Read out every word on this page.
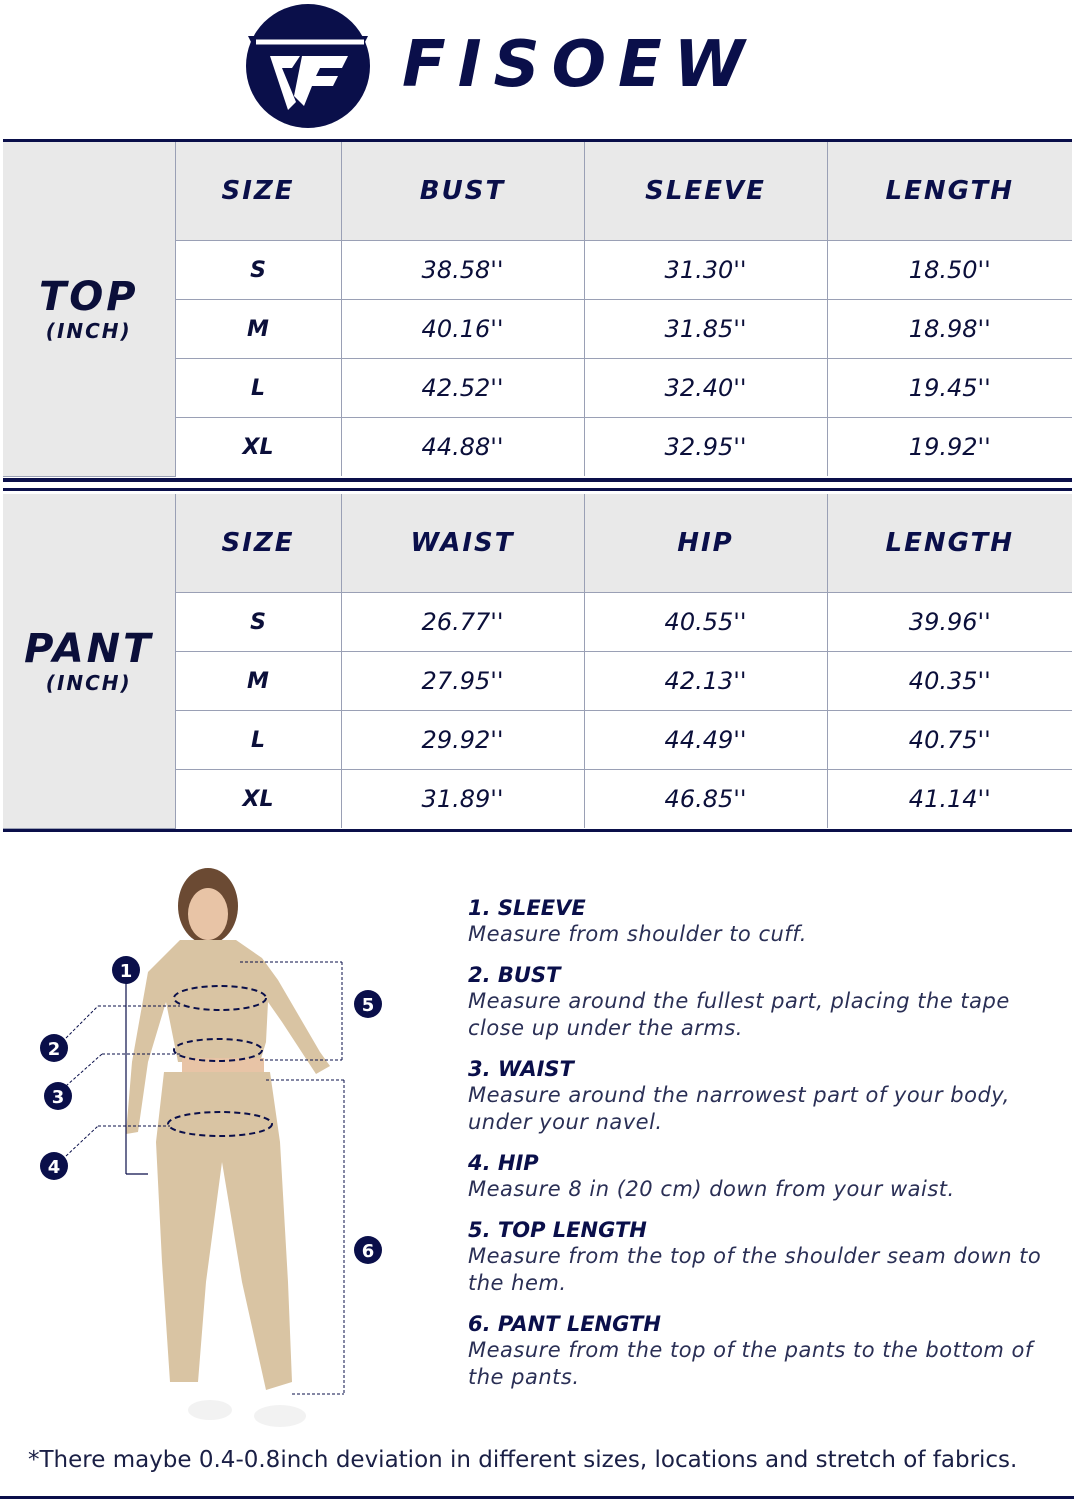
FISOEW
TOP
(INCH)	SIZE	BUST	SLEEVE	LENGTH
	S	38.58''	31.30''	18.50''
	M	40.16''	31.85''	18.98''
	L	42.52''	32.40''	19.45''
	XL	44.88''	32.95''	19.92''
PANT
(INCH)	SIZE	WAIST	HIP	LENGTH
	S	26.77''	40.55''	39.96''
	M	27.95''	42.13''	40.35''
	L	29.92''	44.49''	40.75''
	XL	31.89''	46.85''	41.14''
1
2
3
4
5
6
1. SLEEVE
Measure from shoulder to cuff.
2. BUST
Measure around the fullest part, placing the tape close up under the arms.
3. WAIST
Measure around the narrowest part of your body, under your navel.
4. HIP
Measure 8 in (20 cm) down from your waist.
5. TOP LENGTH
Measure from the top of the shoulder seam down to the hem.
6. PANT LENGTH
Measure from the top of the pants to the bottom of the pants.
*There maybe 0.4-0.8inch deviation in different sizes, locations and stretch of fabrics.
